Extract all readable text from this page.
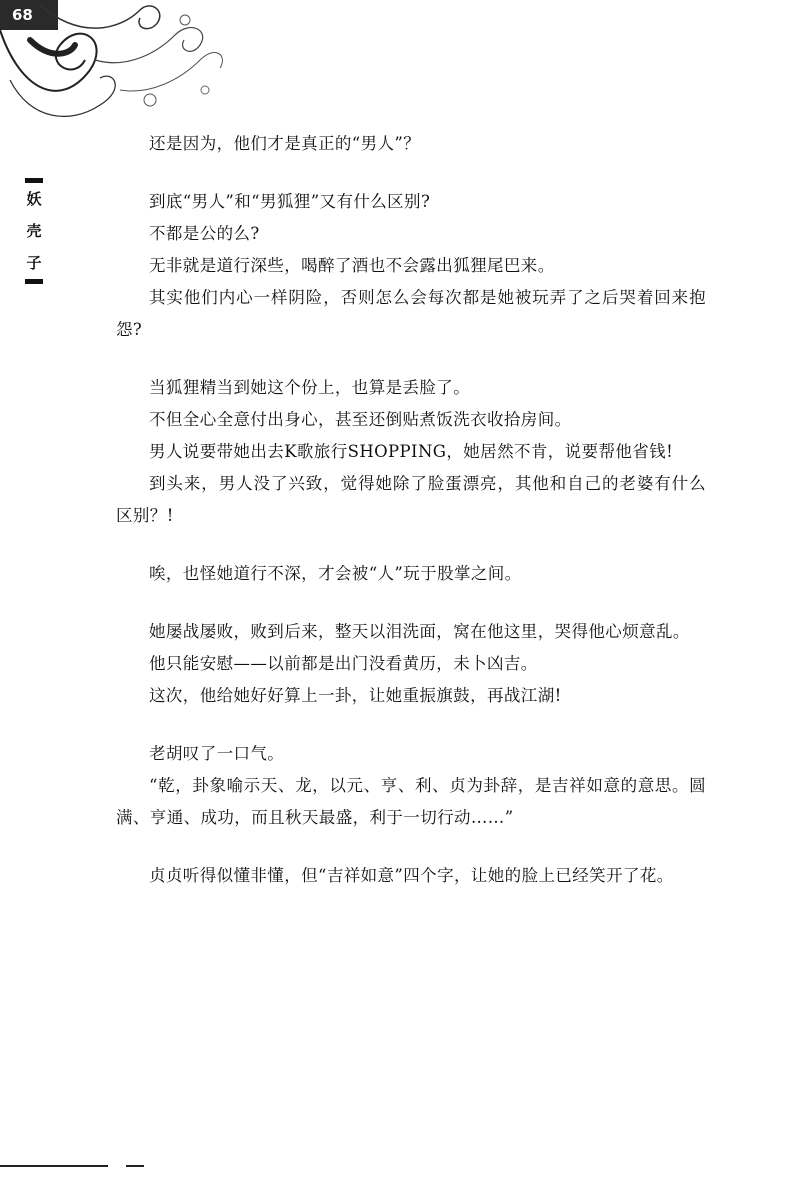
68
妖
壳
子

还是因为，他们才是真正的“男人”？

到底“男人”和“男狐狸”又有什么区别?

不都是公的么?

无非就是道行深些，喝醉了酒也不会露出狐狸尾巴来。

其实他们内心一样阴险，否则怎么会每次都是她被玩弄了之后哭着回来抱怨?

当狐狸精当到她这个份上，也算是丢脸了。

不但全心全意付出身心，甚至还倒贴煮饭洗衣收拾房间。

男人说要带她出去K歌旅行SHOPPING，她居然不肯，说要帮他省钱!

到头来，男人没了兴致，觉得她除了脸蛋漂亮，其他和自己的老婆有什么区别？!

唉，也怪她道行不深，才会被“人”玩于股掌之间。

她屡战屡败，败到后来，整天以泪洗面，窝在他这里，哭得他心烦意乱。

他只能安慰——以前都是出门没看黄历，未卜凶吉。

这次，他给她好好算上一卦，让她重振旗鼓，再战江湖!

老胡叹了一口气。

“乾，卦象喻示天、龙，以元、亨、利、贞为卦辞，是吉祥如意的意思。圆满、亨通、成功，而且秋天最盛，利于一切行动……”

贞贞听得似懂非懂，但“吉祥如意”四个字，让她的脸上已经笑开了花。
